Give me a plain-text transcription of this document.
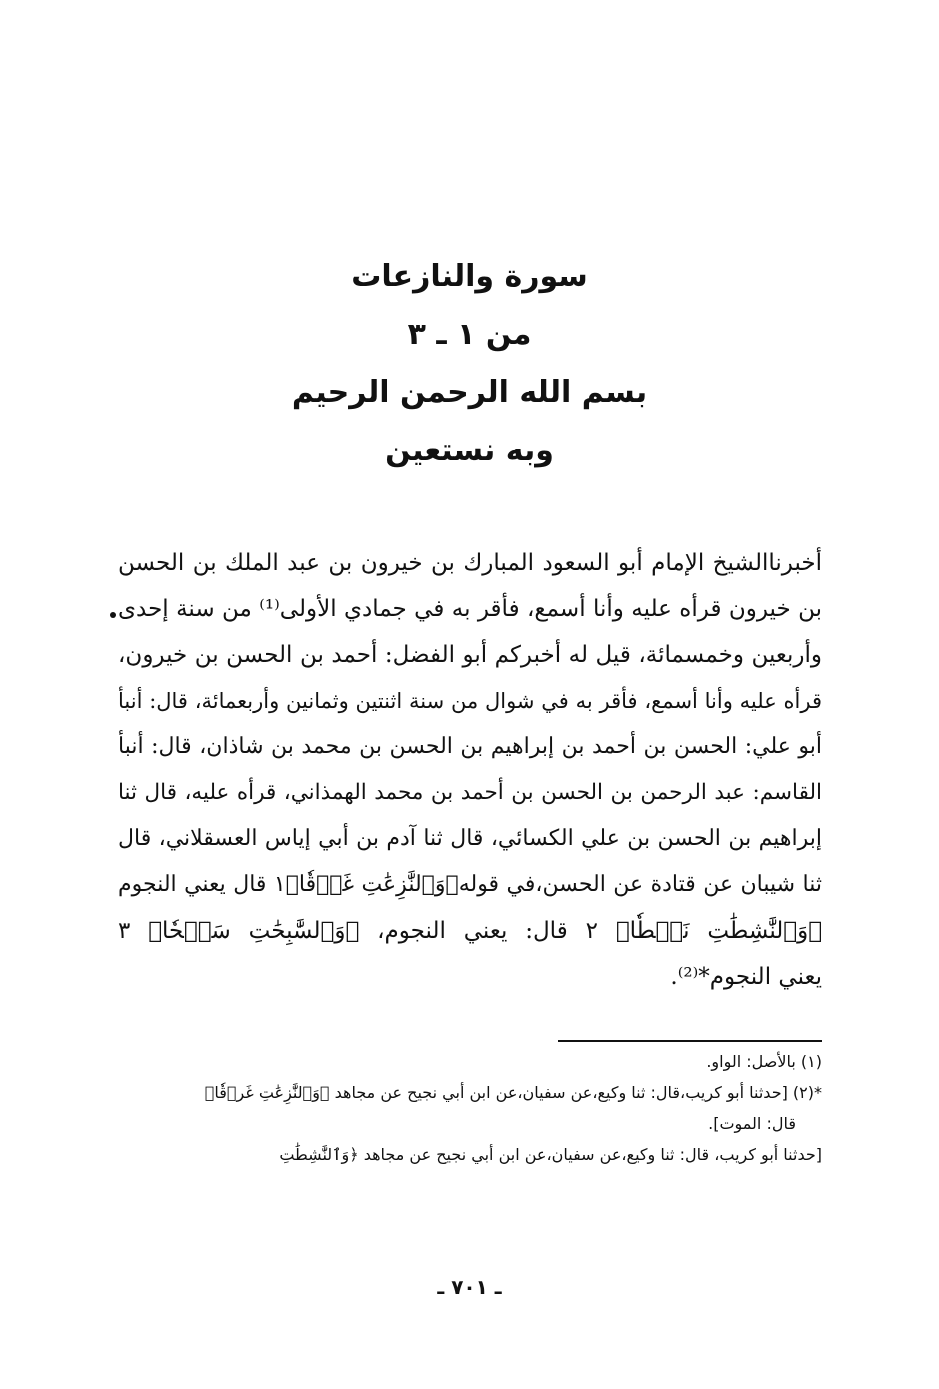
سورة والنازعات
من ١ ـ ٣
بسم الله الرحمن الرحيم
وبه نستعين
أخبرناالشيخ الإمام أبو السعود المبارك بن خيرون بن عبد الملك بن الحسن
بن خيرون قرأه عليه وأنا أسمع، فأقر به في جمادي الأولى⁽¹⁾ من سنة إحدى
وأربعين وخمسمائة، قيل له أخبركم أبو الفضل: أحمد بن الحسن بن خيرون،
قرأه عليه وأنا أسمع، فأقر به في شوال من سنة اثنتين وثمانين وأربعمائة، قال: أنبأ
أبو علي: الحسن بن أحمد بن إبراهيم بن الحسن بن محمد بن شاذان، قال: أنبأ
القاسم: عبد الرحمن بن الحسن بن أحمد بن محمد الهمذاني، قرأه عليه، قال ثنا
إبراهيم بن الحسن بن علي الكسائي، قال ثنا آدم بن أبي إياس العسقلاني، قال
ثنا شيبان عن قتادة عن الحسن،في قوله﴿وَٱلنَّٰزِعَٰتِ غَرۡقٗا﴾١ قال يعني النجوم
﴿وَٱلنَّٰشِطَٰتِ نَشۡطٗا﴾ ٢ قال: يعني النجوم، ﴿وَٱلسَّٰبِحَٰتِ سَبۡحٗا﴾ ٣
يعني النجوم*⁽²⁾.
(١) بالأصل: الواو.
*(٢) [حدثنا أبو كريب،قال: ثنا وكيع،عن سفيان،عن ابن أبي نجيح عن مجاهد ﴿وَٱلنَّٰزِعَٰتِ غَرۡقٗا﴾
قال: الموت].
[حدثنا أبو كريب، قال: ثنا وكيع،عن سفيان،عن ابن أبي نجيح عن مجاهد ﴿وَٱلنَّٰشِطَٰتِ
ـ ٧٠١ ـ
